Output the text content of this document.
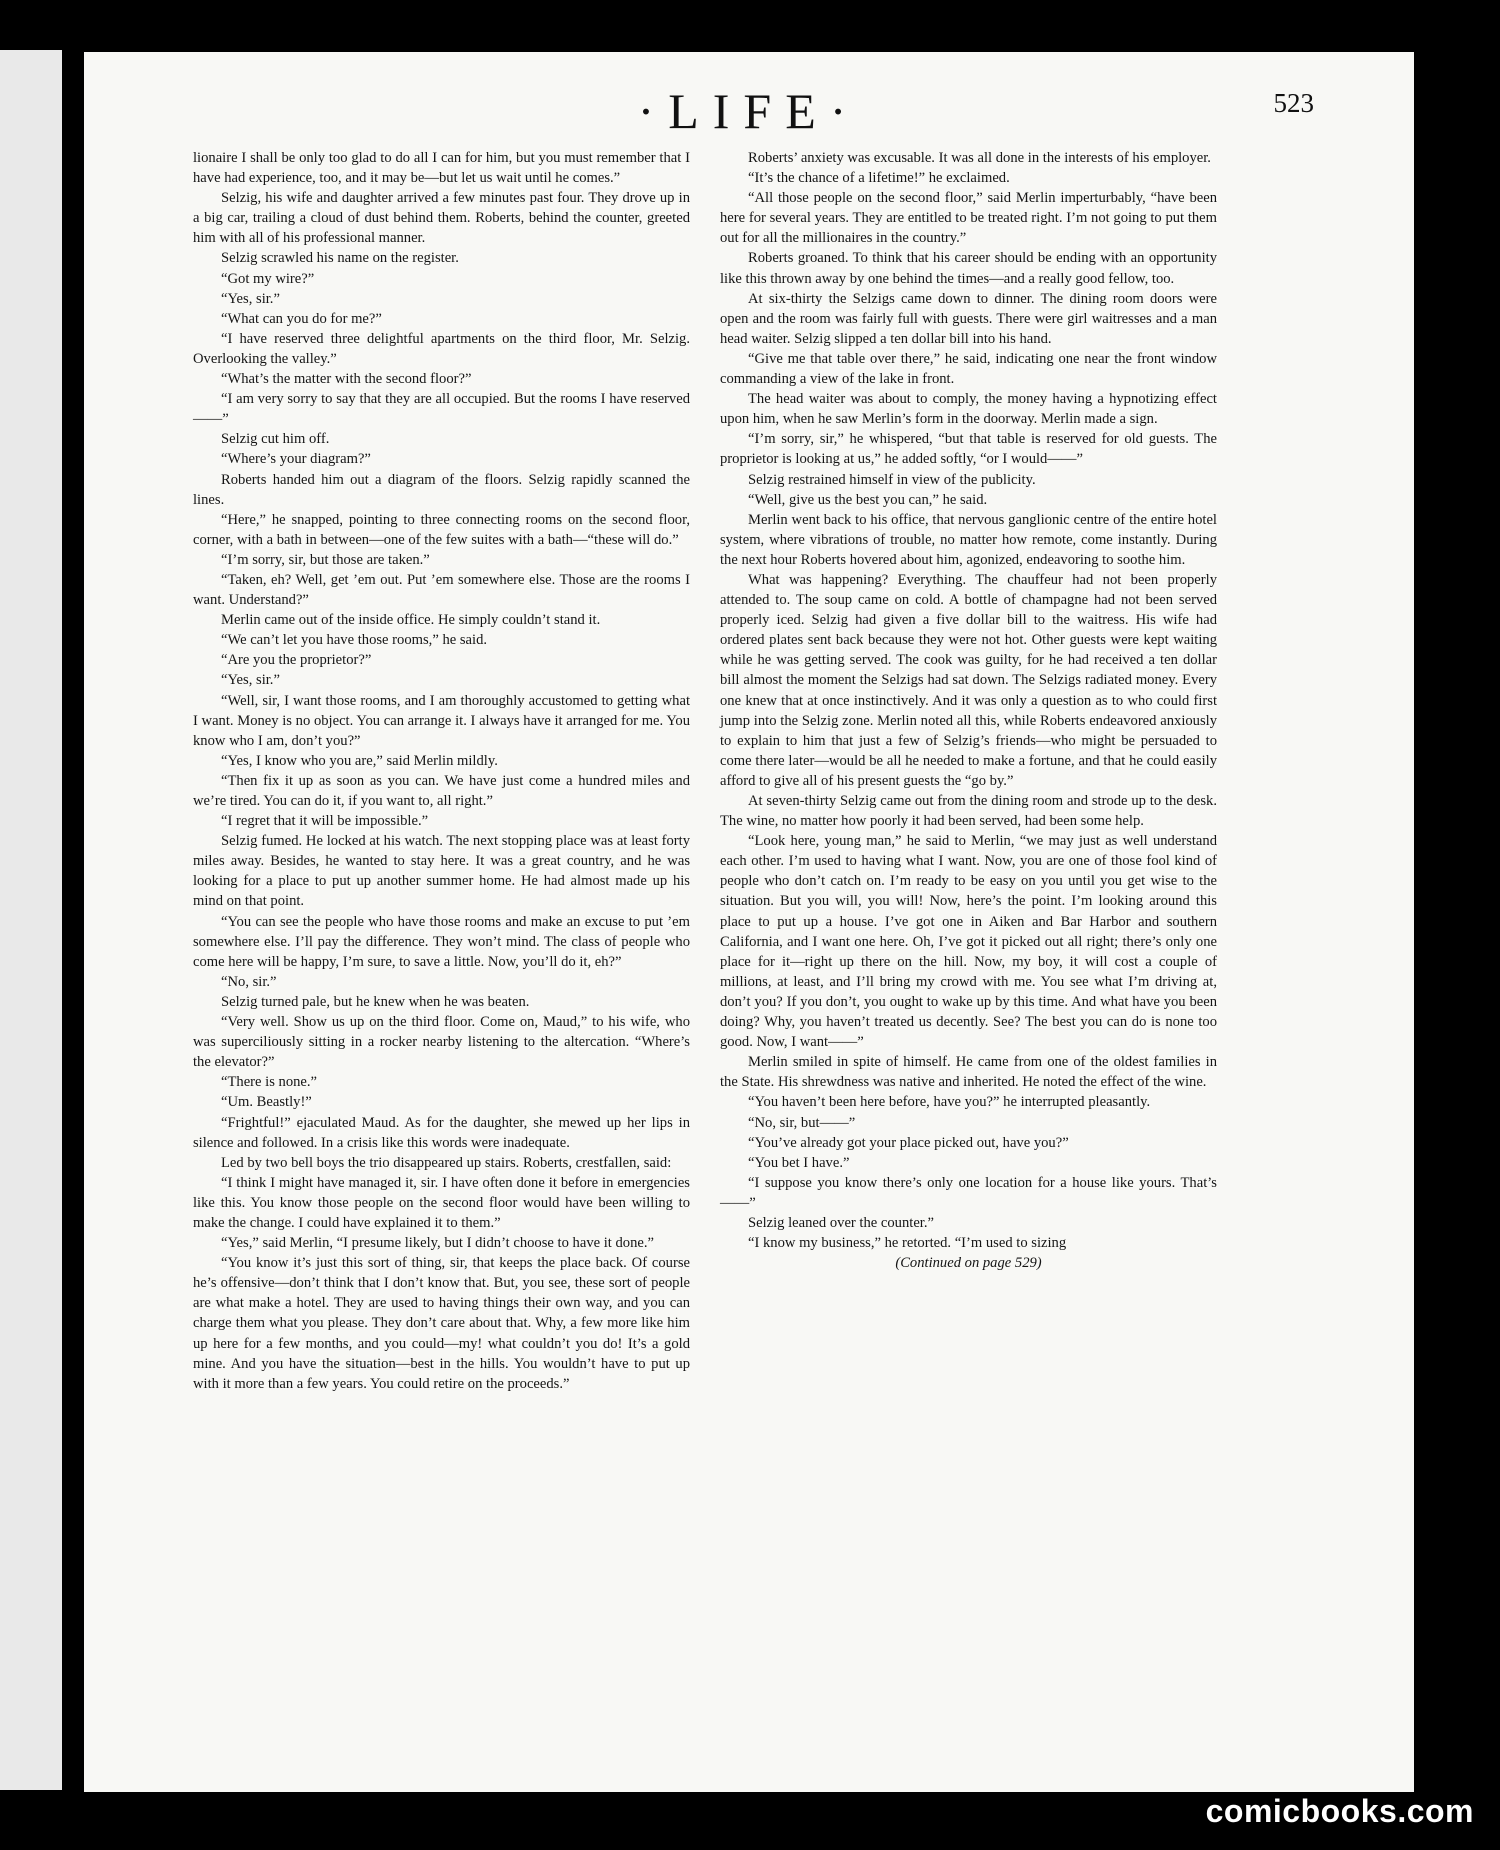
·LIFE·	523

lionaire I shall be only too glad to do all I can for him, but you must remember that I have had experience, too, and it may be—but let us wait until he comes.”

Selzig, his wife and daughter arrived a few minutes past four. They drove up in a big car, trailing a cloud of dust behind them. Roberts, behind the counter, greeted him with all of his professional manner.

Selzig scrawled his name on the register.

“Got my wire?”

“Yes, sir.”

“What can you do for me?”

“I have reserved three delightful apartments on the third floor, Mr. Selzig. Overlooking the valley.”

“What’s the matter with the second floor?”

“I am very sorry to say that they are all occupied. But the rooms I have reserved——”

Selzig cut him off.

“Where’s your diagram?”

Roberts handed him out a diagram of the floors. Selzig rapidly scanned the lines.

“Here,” he snapped, pointing to three connecting rooms on the second floor, corner, with a bath in between—one of the few suites with a bath—“these will do.”

“I’m sorry, sir, but those are taken.”

“Taken, eh? Well, get ’em out. Put ’em somewhere else. Those are the rooms I want. Understand?”

Merlin came out of the inside office. He simply couldn’t stand it.

“We can’t let you have those rooms,” he said.

“Are you the proprietor?”

“Yes, sir.”

“Well, sir, I want those rooms, and I am thoroughly accustomed to getting what I want. Money is no object. You can arrange it. I always have it arranged for me. You know who I am, don’t you?”

“Yes, I know who you are,” said Merlin mildly.

“Then fix it up as soon as you can. We have just come a hundred miles and we’re tired. You can do it, if you want to, all right.”

“I regret that it will be impossible.”

Selzig fumed. He locked at his watch. The next stopping place was at least forty miles away. Besides, he wanted to stay here. It was a great country, and he was looking for a place to put up another summer home. He had almost made up his mind on that point.

“You can see the people who have those rooms and make an excuse to put ’em somewhere else. I’ll pay the difference. They won’t mind. The class of people who come here will be happy, I’m sure, to save a little. Now, you’ll do it, eh?”

“No, sir.”

Selzig turned pale, but he knew when he was beaten.

“Very well. Show us up on the third floor. Come on, Maud,” to his wife, who was superciliously sitting in a rocker nearby listening to the altercation. “Where’s the elevator?”

“There is none.”

“Um. Beastly!”

“Frightful!” ejaculated Maud. As for the daughter, she mewed up her lips in silence and followed. In a crisis like this words were inadequate.

Led by two bell boys the trio disappeared up stairs. Roberts, crestfallen, said:

“I think I might have managed it, sir. I have often done it before in emergencies like this. You know those people on the second floor would have been willing to make the change. I could have explained it to them.”

“Yes,” said Merlin, “I presume likely, but I didn’t choose to have it done.”

“You know it’s just this sort of thing, sir, that keeps the place back. Of course he’s offensive—don’t think that I don’t know that. But, you see, these sort of people are what make a hotel. They are used to having things their own way, and you can charge them what you please. They don’t care about that. Why, a few more like him up here for a few months, and you could—my! what couldn’t you do! It’s a gold mine. And you have the situation—best in the hills. You wouldn’t have to put up with it more than a few years. You could retire on the proceeds.”

Roberts’ anxiety was excusable. It was all done in the interests of his employer.

“It’s the chance of a lifetime!” he exclaimed.

“All those people on the second floor,” said Merlin imperturbably, “have been here for several years. They are entitled to be treated right. I’m not going to put them out for all the millionaires in the country.”

Roberts groaned. To think that his career should be ending with an opportunity like this thrown away by one behind the times—and a really good fellow, too.

At six-thirty the Selzigs came down to dinner. The dining room doors were open and the room was fairly full with guests. There were girl waitresses and a man head waiter. Selzig slipped a ten dollar bill into his hand.

“Give me that table over there,” he said, indicating one near the front window commanding a view of the lake in front.

The head waiter was about to comply, the money having a hypnotizing effect upon him, when he saw Merlin’s form in the doorway. Merlin made a sign.

“I’m sorry, sir,” he whispered, “but that table is reserved for old guests. The proprietor is looking at us,” he added softly, “or I would——”

Selzig restrained himself in view of the publicity.

“Well, give us the best you can,” he said.

Merlin went back to his office, that nervous ganglionic centre of the entire hotel system, where vibrations of trouble, no matter how remote, come instantly. During the next hour Roberts hovered about him, agonized, endeavoring to soothe him.

What was happening? Everything. The chauffeur had not been properly attended to. The soup came on cold. A bottle of champagne had not been served properly iced. Selzig had given a five dollar bill to the waitress. His wife had ordered plates sent back because they were not hot. Other guests were kept waiting while he was getting served. The cook was guilty, for he had received a ten dollar bill almost the moment the Selzigs had sat down. The Selzigs radiated money. Every one knew that at once instinctively. And it was only a question as to who could first jump into the Selzig zone. Merlin noted all this, while Roberts endeavored anxiously to explain to him that just a few of Selzig’s friends—who might be persuaded to come there later—would be all he needed to make a fortune, and that he could easily afford to give all of his present guests the “go by.”

At seven-thirty Selzig came out from the dining room and strode up to the desk. The wine, no matter how poorly it had been served, had been some help.

“Look here, young man,” he said to Merlin, “we may just as well understand each other. I’m used to having what I want. Now, you are one of those fool kind of people who don’t catch on. I’m ready to be easy on you until you get wise to the situation. But you will, you will! Now, here’s the point. I’m looking around this place to put up a house. I’ve got one in Aiken and Bar Harbor and southern California, and I want one here. Oh, I’ve got it picked out all right; there’s only one place for it—right up there on the hill. Now, my boy, it will cost a couple of millions, at least, and I’ll bring my crowd with me. You see what I’m driving at, don’t you? If you don’t, you ought to wake up by this time. And what have you been doing? Why, you haven’t treated us decently. See? The best you can do is none too good. Now, I want——”

Merlin smiled in spite of himself. He came from one of the oldest families in the State. His shrewdness was native and inherited. He noted the effect of the wine.

“You haven’t been here before, have you?” he interrupted pleasantly.

“No, sir, but——”

“You’ve already got your place picked out, have you?”

“You bet I have.”

“I suppose you know there’s only one location for a house like yours. That’s——”

Selzig leaned over the counter.”

“I know my business,” he retorted. “I’m used to sizing

(Continued on page 529)

comicbooks.com
